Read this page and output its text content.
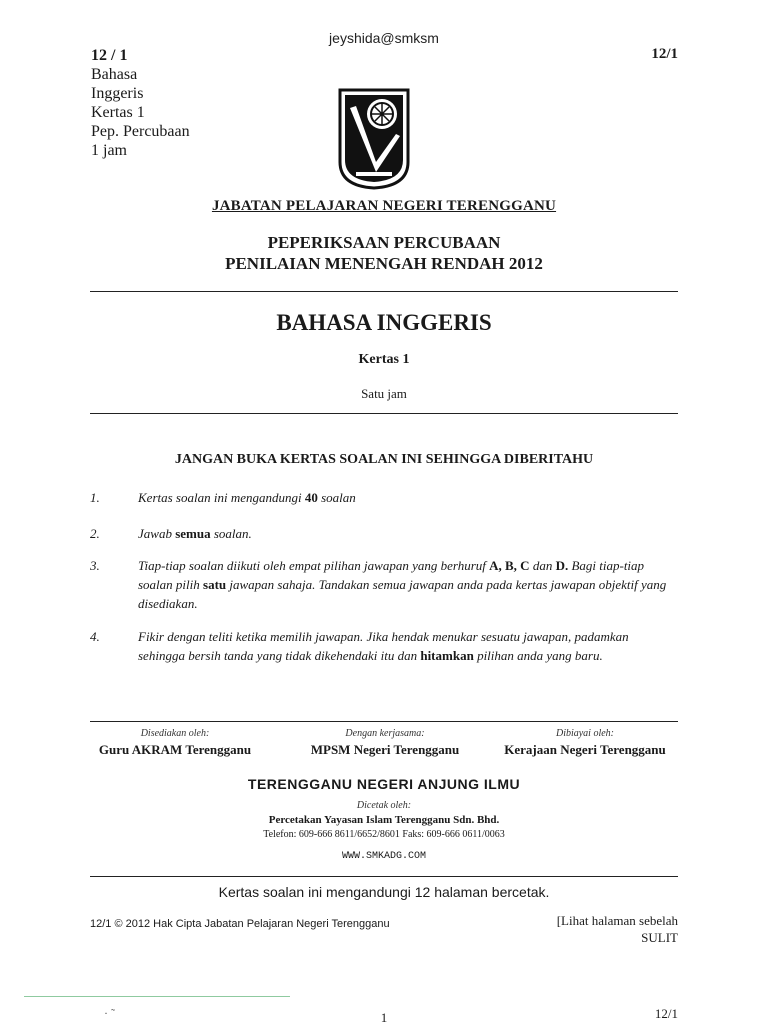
jeyshida@smksm
12 / 1
Bahasa
Inggeris
Kertas 1
Pep. Percubaan
1 jam
12/1
JABATAN PELAJARAN NEGERI TERENGGANU
PEPERIKSAAN PERCUBAAN
PENILAIAN MENENGAH RENDAH 2012
BAHASA INGGERIS
Kertas 1
Satu jam
JANGAN BUKA KERTAS SOALAN INI SEHINGGA DIBERITAHU
1.	Kertas soalan ini mengandungi 40 soalan
2.	Jawab semua soalan.
3.	Tiap-tiap soalan diikuti oleh empat pilihan jawapan yang berhuruf A, B, C dan D. Bagi tiap-tiap soalan pilih satu jawapan sahaja. Tandakan semua jawapan anda pada kertas jawapan objektif yang disediakan.
4.	Fikir dengan teliti ketika memilih jawapan. Jika hendak menukar sesuatu jawapan, padamkan sehingga bersih tanda yang tidak dikehendaki itu dan hitamkan pilihan anda yang baru.
Disediakan oleh:
Guru AKRAM Terengganu
Dengan kerjasama:
MPSM Negeri Terengganu
Dibiayai oleh:
Kerajaan Negeri Terengganu
TERENGGANU NEGERI ANJUNG ILMU
Dicetak oleh:
Percetakan Yayasan Islam Terengganu Sdn. Bhd.
Telefon: 609-666 8611/6652/8601 Faks: 609-666 0611/0063
WWW.SMKADG.COM
Kertas soalan ini mengandungi 12 halaman bercetak.
12/1 © 2012 Hak Cipta Jabatan Pelajaran Negeri Terengganu	[Lihat halaman sebelah
SULIT
· ˜	1	12/1
